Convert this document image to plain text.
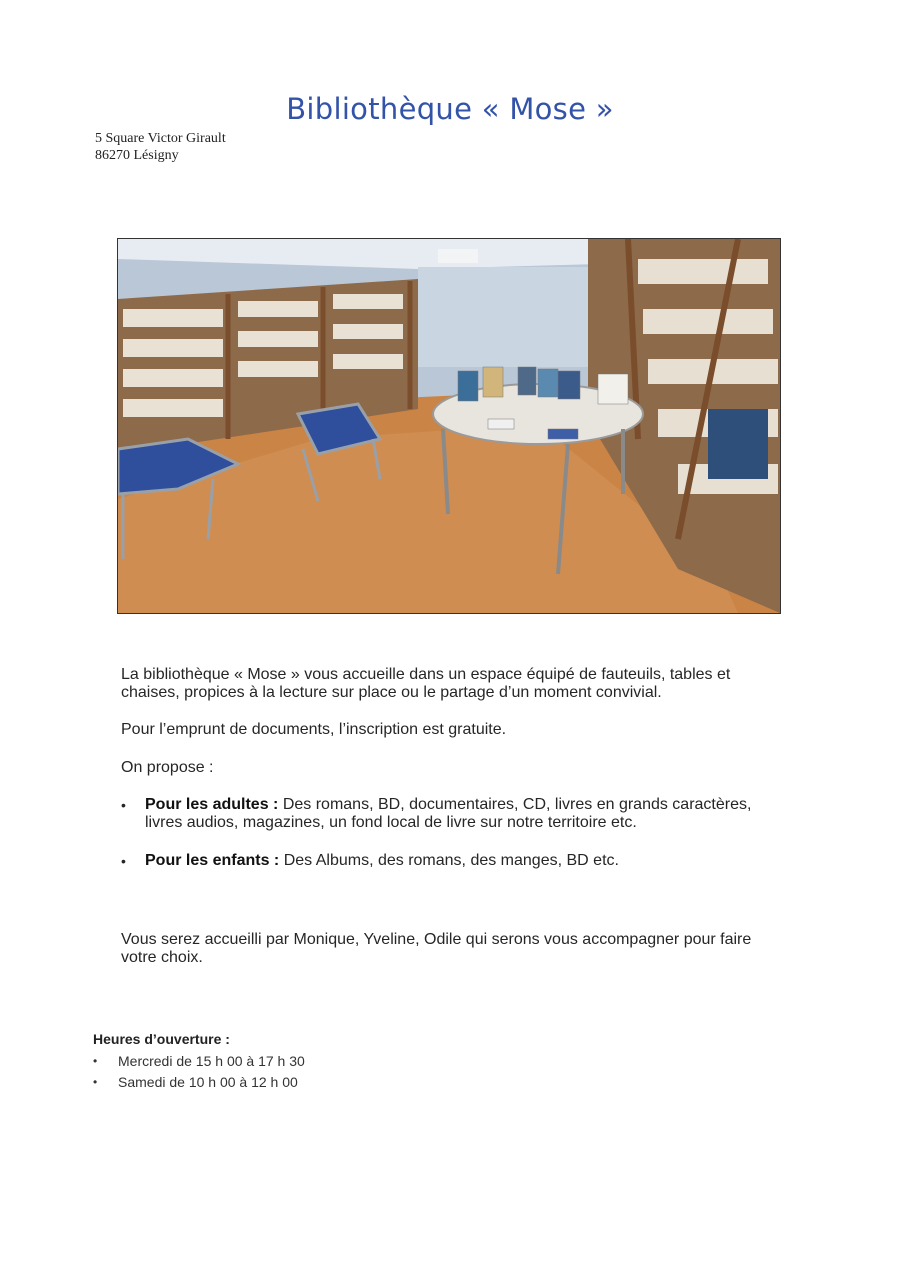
Bibliothèque « Mose »
5 Square Victor Girault
86270 Lésigny
La bibliothèque « Mose » vous accueille dans un espace équipé de fauteuils, tables et chaises, propices à la lecture sur place ou le partage d’un moment convivial.
Pour l’emprunt de documents, l’inscription est gratuite.
On propose :
• Pour les adultes : Des romans, BD, documentaires, CD, livres en grands caractères, livres audios, magazines, un fond local de livre sur notre territoire etc.
• Pour les enfants : Des Albums, des romans, des manges, BD etc.
Vous serez accueilli par Monique, Yveline, Odile qui serons vous accompagner pour faire votre choix.
Heures d’ouverture :
• Mercredi de 15 h 00 à 17 h 30
• Samedi de 10 h 00 à 12 h 00
